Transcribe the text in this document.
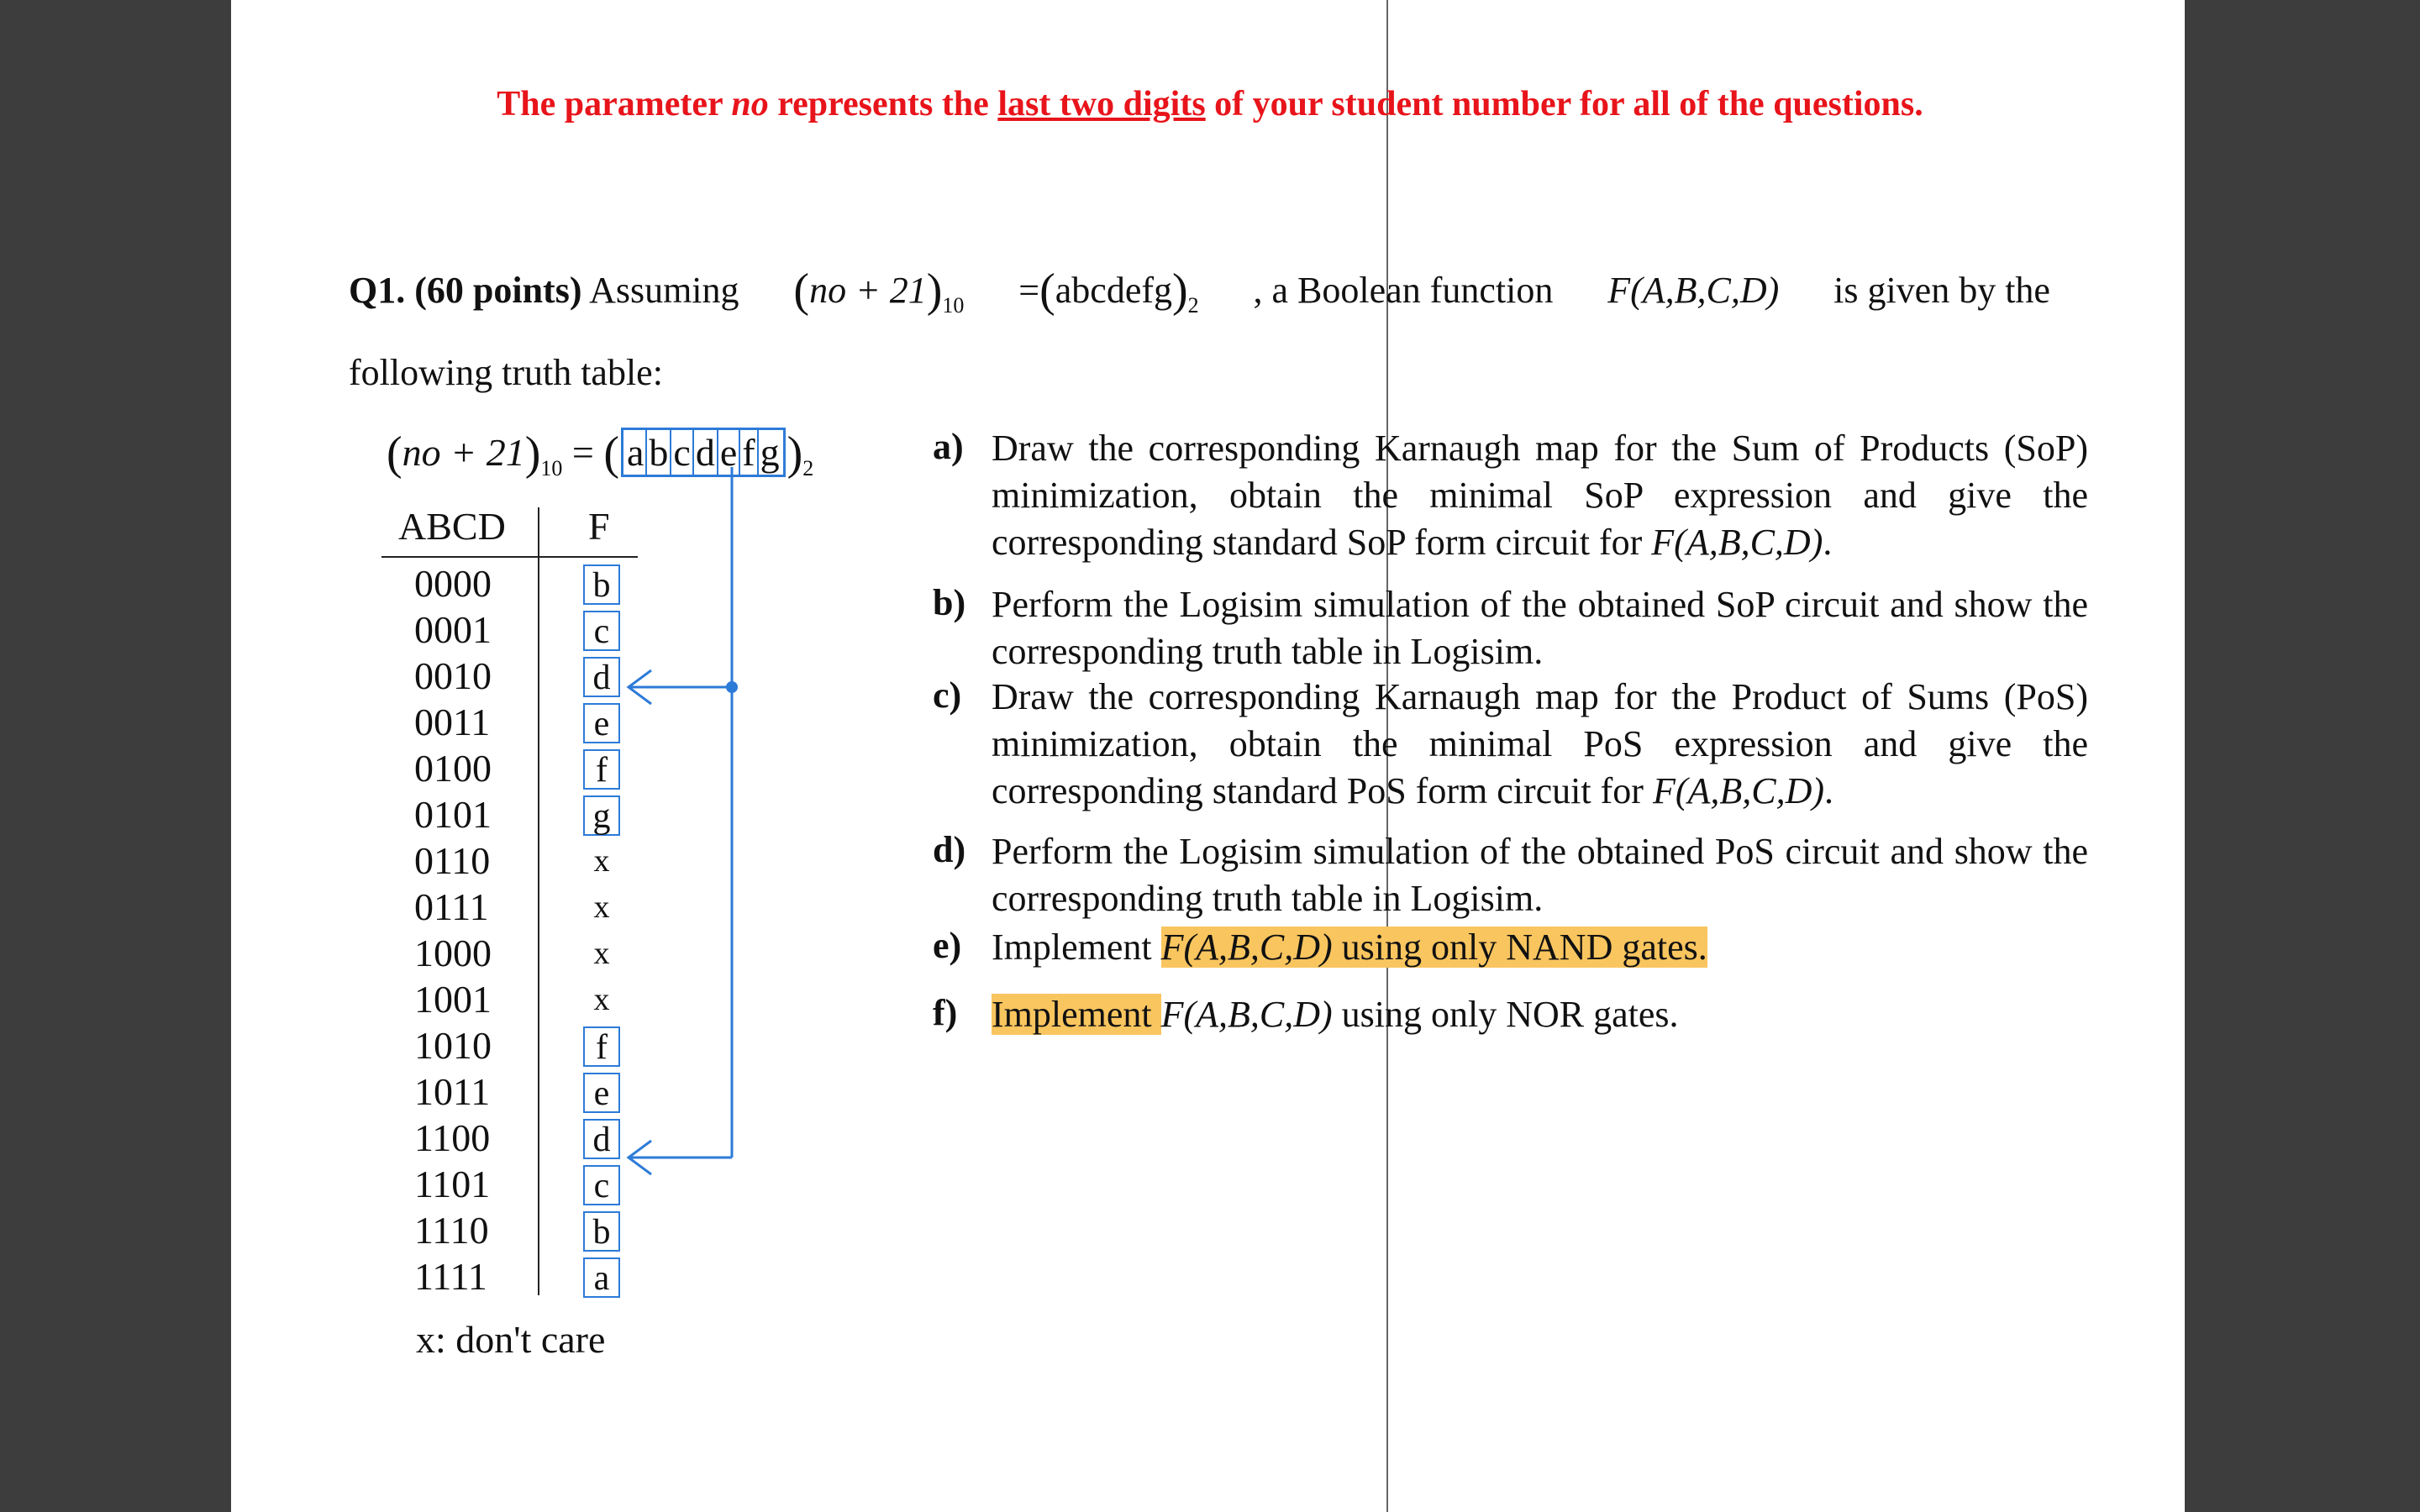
The parameter no represents the last two digits of your student number for all of the questions.
Q1. (60 points) Assuming $(no + 21)_{10}$ $=(abcdefg)_2$ , a Boolean function F(A,B,C,D) is given by the
following truth table:
$(no + 21)_{10}$ = ( a b c d e f g )$_2$
ABCD F
0000	b
0001	c
0010	d
0011	e
0100	f
0101	g
0110	x
0111	x
1000	x
1001	x
1010	f
1011	e
1100	d
1101	c
1110	b
1111	a
x: don't care
a) Draw the corresponding Karnaugh map for the Sum of Products (SoP) minimization, obtain the minimal SoP expression and give the corresponding standard SoP form circuit for F(A,B,C,D).
b) Perform the Logisim simulation of the obtained SoP circuit and show the corresponding truth table in Logisim.
c) Draw the corresponding Karnaugh map for the Product of Sums (PoS) minimization, obtain the minimal PoS expression and give the corresponding standard PoS form circuit for F(A,B,C,D).
d) Perform the Logisim simulation of the obtained PoS circuit and show the corresponding truth table in Logisim.
e) Implement F(A,B,C,D) using only NAND gates.
f) Implement F(A,B,C,D) using only NOR gates.
